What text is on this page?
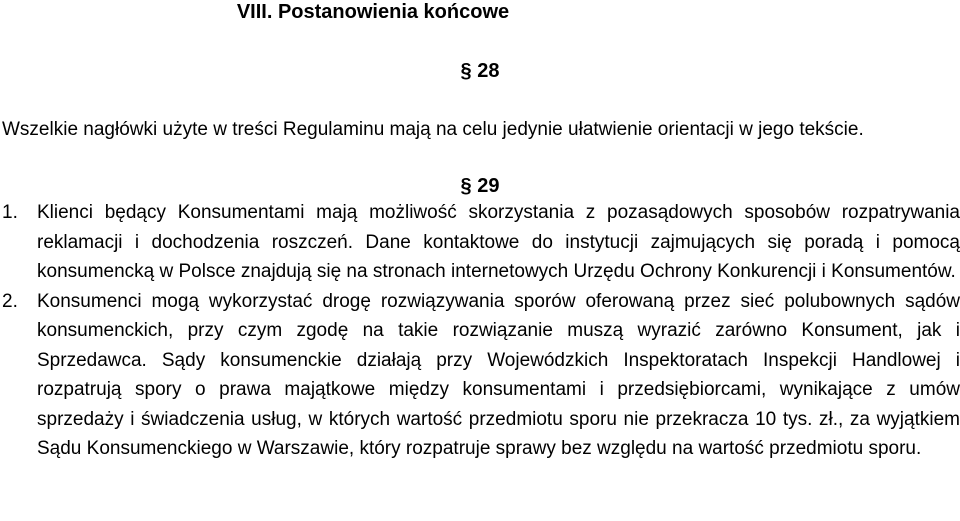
VIII. Postanowienia końcowe
§ 28

Wszelkie nagłówki użyte w treści Regulaminu mają na celu jedynie ułatwienie orientacji w jego tekście.

§ 29
1. Klienci będący Konsumentami mają możliwość skorzystania z pozasądowych sposobów rozpatrywania reklamacji i dochodzenia roszczeń. Dane kontaktowe do instytucji zajmujących się poradą i pomocą konsumencką w Polsce znajdują się na stronach internetowych Urzędu Ochrony Konkurencji i Konsumentów.
2. Konsumenci mogą wykorzystać drogę rozwiązywania sporów oferowaną przez sieć polubownych sądów konsumenckich, przy czym zgodę na takie rozwiązanie muszą wyrazić zarówno Konsument, jak i Sprzedawca. Sądy konsumenckie działają przy Wojewódzkich Inspektoratach Inspekcji Handlowej i rozpatrują spory o prawa majątkowe między konsumentami i przedsiębiorcami, wynikające z umów sprzedaży i świadczenia usług, w których wartość przedmiotu sporu nie przekracza 10 tys. zł., za wyjątkiem Sądu Konsumenckiego w Warszawie, który rozpatruje sprawy bez względu na wartość przedmiotu sporu.
